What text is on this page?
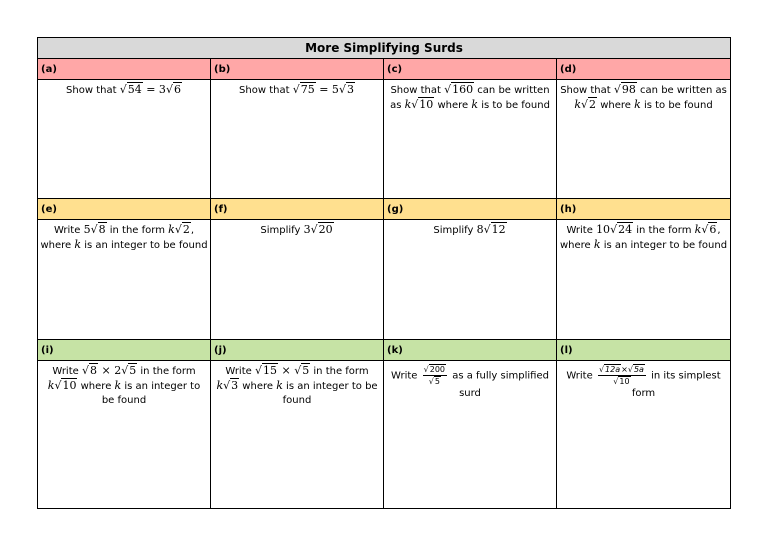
More Simplifying Surds			
(a)	(b)	(c)	(d)
Show that √54 = 3√6	Show that √75 = 5√3	Show that √160 can be written as k√10 where k is to be found	Show that √98 can be written as k√2 where k is to be found
(e)	(f)	(g)	(h)
Write 5√8 in the form k√2, where k is an integer to be found	Simplify 3√20	Simplify 8√12	Write 10√24 in the form k√6, where k is an integer to be found
(i)	(j)	(k)	(l)
Write √8 × 2√5 in the form k√10 where k is an integer to be found	Write √15 × √5 in the form k√3 where k is an integer to be found	Write $\frac{√200}{√5}$ as a fully simplified surd	Write $\frac{√12a\times√5a}{√10}$ in its simplest form
